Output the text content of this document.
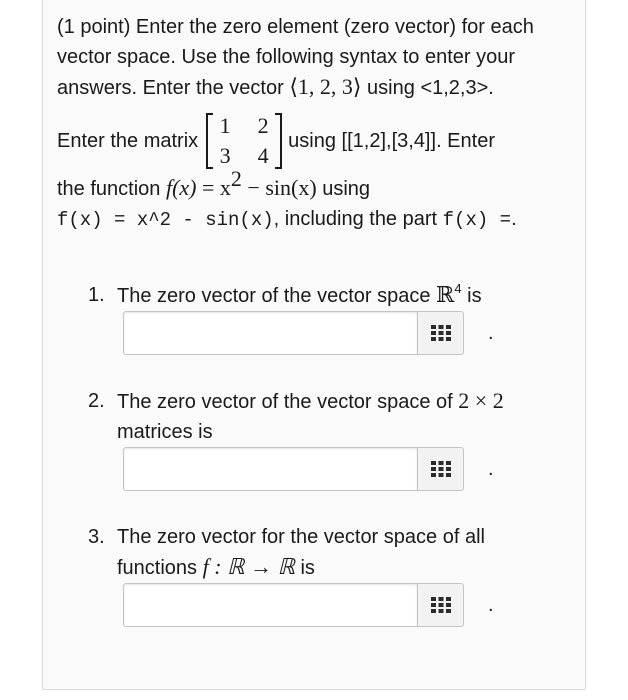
(1 point) Enter the zero element (zero vector) for each
vector space. Use the following syntax to enter your
answers. Enter the vector ⟨1, 2, 3⟩ using <1,2,3>.
Enter the matrix
1 2
3 4
using [[1,2],[3,4]]. Enter
the function $f(x) = x^2 - \sin(x)$ using
f(x) = x^2 - sin(x), including the part f(x) =.
1. The zero vector of the vector space ℝ$^4$ is
.
2. The zero vector of the vector space of 2 × 2
matrices is
.
3. The zero vector for the vector space of all
functions f : ℝ → ℝ is
.
